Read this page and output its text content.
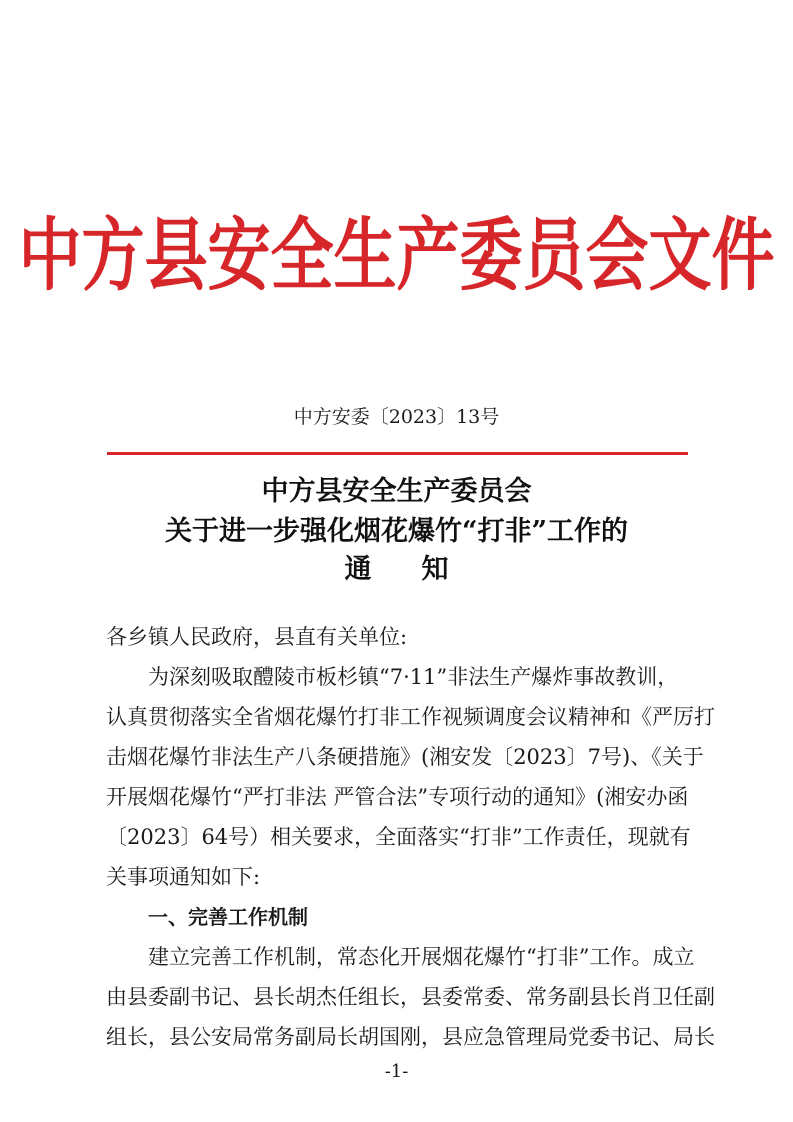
中方县安全生产委员会文件
中方安委〔2023〕13号
中方县安全生产委员会
关于进一步强化烟花爆竹“打非”工作的
通 知
各乡镇人民政府，县直有关单位:
为深刻吸取醴陵市板杉镇“7·11”非法生产爆炸事故教训，
认真贯彻落实全省烟花爆竹打非工作视频调度会议精神和《严厉打
击烟花爆竹非法生产八条硬措施》(湘安发〔2023〕7号)、《关于
开展烟花爆竹“严打非法 严管合法”专项行动的通知》(湘安办函
〔2023〕64号）相关要求，全面落实“打非”工作责任，现就有
关事项通知如下:
一、完善工作机制
建立完善工作机制，常态化开展烟花爆竹“打非”工作。成立
由县委副书记、县长胡杰任组长，县委常委、常务副县长肖卫任副
组长，县公安局常务副局长胡国刚，县应急管理局党委书记、局长
-1-
